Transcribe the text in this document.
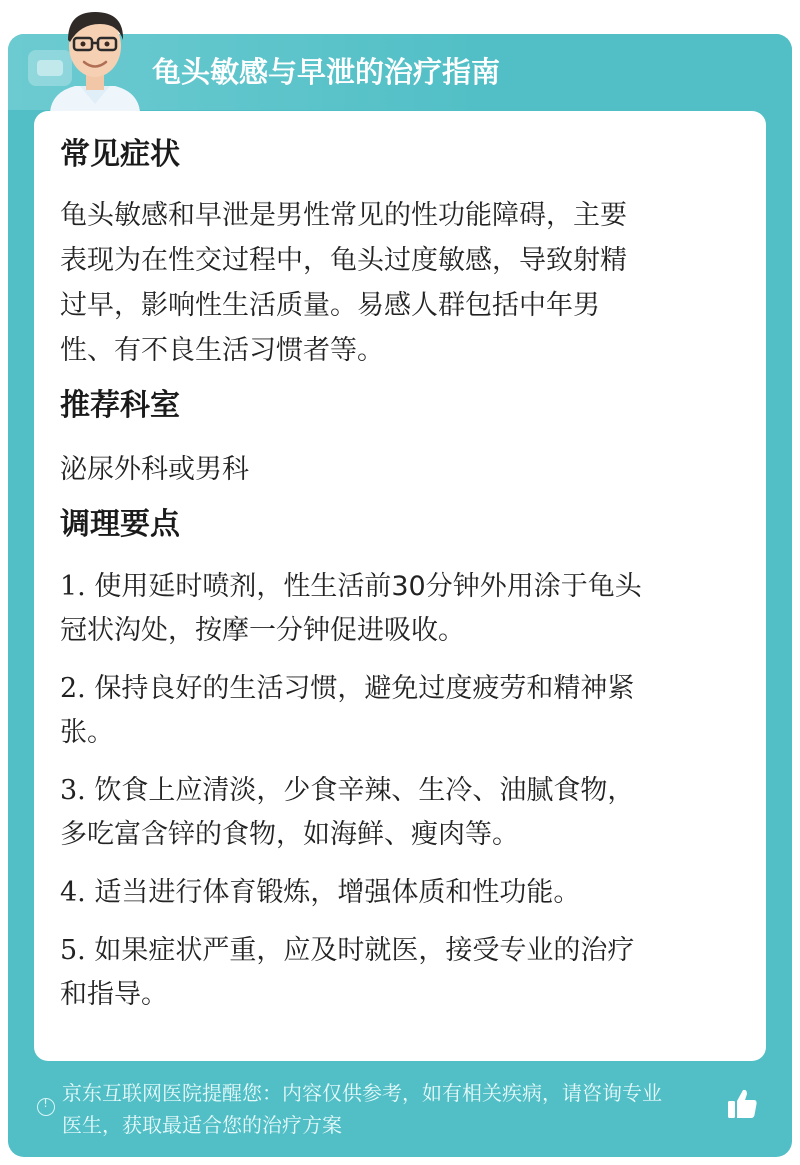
龟头敏感与早泄的治疗指南
常见症状

龟头敏感和早泄是男性常见的性功能障碍，主要

表现为在性交过程中，龟头过度敏感，导致射精

过早，影响性生活质量。易感人群包括中年男

性、有不良生活习惯者等。

推荐科室

泌尿外科或男科

调理要点

1. 使用延时喷剂，性生活前30分钟外用涂于龟头

冠状沟处，按摩一分钟促进吸收。

2. 保持良好的生活习惯，避免过度疲劳和精神紧

张。

3. 饮食上应清淡，少食辛辣、生冷、油腻食物，

多吃富含锌的食物，如海鲜、瘦肉等。

4. 适当进行体育锻炼，增强体质和性功能。

5. 如果症状严重，应及时就医，接受专业的治疗

和指导。

!
京东互联网医院提醒您：内容仅供参考，如有相关疾病，请咨询专业
医生，获取最适合您的治疗方案
